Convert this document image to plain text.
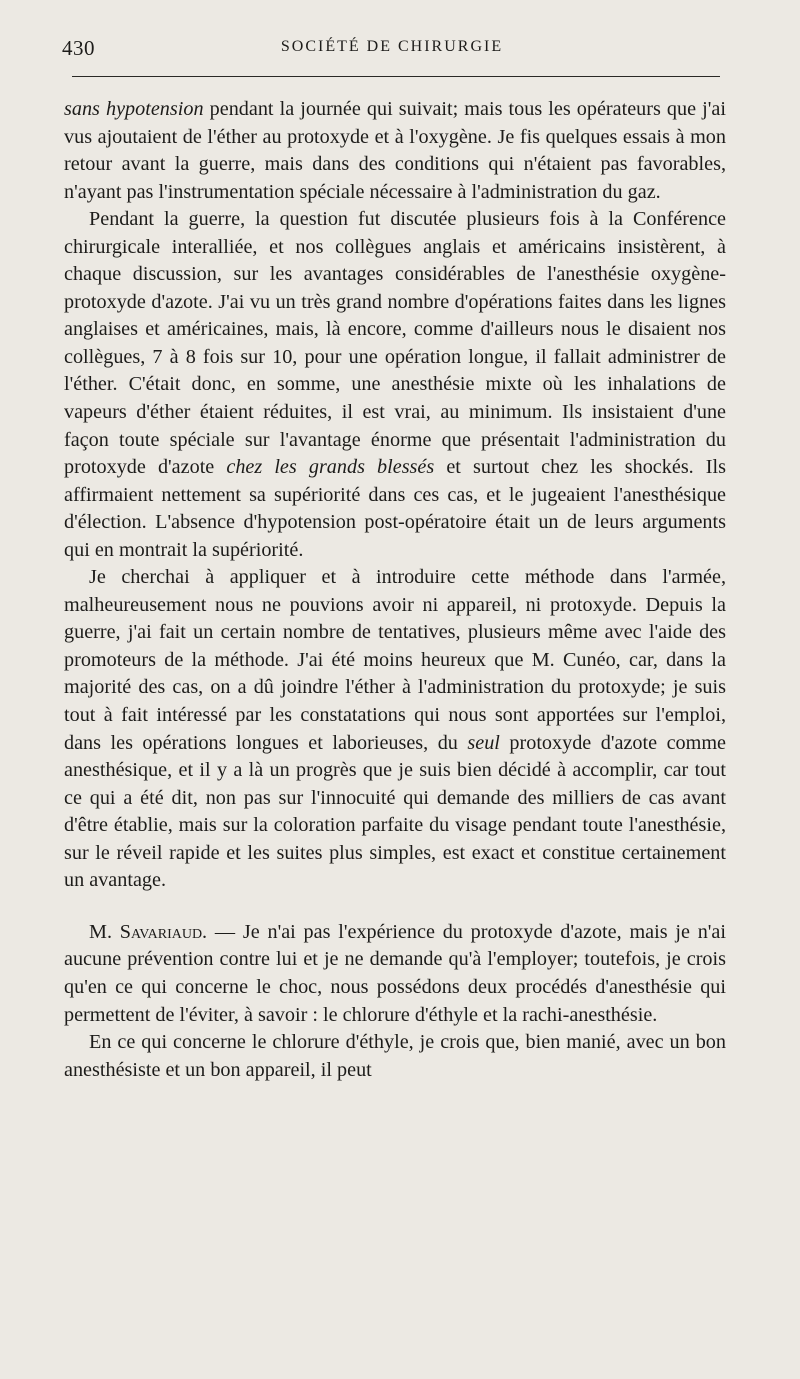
430	SOCIÉTÉ DE CHIRURGIE

sans hypotension pendant la journée qui suivait; mais tous les opérateurs que j'ai vus ajoutaient de l'éther au protoxyde et à l'oxygène. Je fis quelques essais à mon retour avant la guerre, mais dans des conditions qui n'étaient pas favorables, n'ayant pas l'instrumentation spéciale nécessaire à l'administration du gaz.

Pendant la guerre, la question fut discutée plusieurs fois à la Conférence chirurgicale interalliée, et nos collègues anglais et américains insistèrent, à chaque discussion, sur les avantages considérables de l'anesthésie oxygène-protoxyde d'azote. J'ai vu un très grand nombre d'opérations faites dans les lignes anglaises et américaines, mais, là encore, comme d'ailleurs nous le disaient nos collègues, 7 à 8 fois sur 10, pour une opération longue, il fallait administrer de l'éther. C'était donc, en somme, une anesthésie mixte où les inhalations de vapeurs d'éther étaient réduites, il est vrai, au minimum. Ils insistaient d'une façon toute spéciale sur l'avantage énorme que présentait l'administration du protoxyde d'azote chez les grands blessés et surtout chez les shockés. Ils affirmaient nettement sa supériorité dans ces cas, et le jugeaient l'anesthésique d'élection. L'absence d'hypotension post-opératoire était un de leurs arguments qui en montrait la supériorité.

Je cherchai à appliquer et à introduire cette méthode dans l'armée, malheureusement nous ne pouvions avoir ni appareil, ni protoxyde. Depuis la guerre, j'ai fait un certain nombre de tentatives, plusieurs même avec l'aide des promoteurs de la méthode. J'ai été moins heureux que M. Cunéo, car, dans la majorité des cas, on a dû joindre l'éther à l'administration du protoxyde; je suis tout à fait intéressé par les constatations qui nous sont apportées sur l'emploi, dans les opérations longues et laborieuses, du seul protoxyde d'azote comme anesthésique, et il y a là un progrès que je suis bien décidé à accomplir, car tout ce qui a été dit, non pas sur l'innocuité qui demande des milliers de cas avant d'être établie, mais sur la coloration parfaite du visage pendant toute l'anesthésie, sur le réveil rapide et les suites plus simples, est exact et constitue certainement un avantage.

M. Savariaud. — Je n'ai pas l'expérience du protoxyde d'azote, mais je n'ai aucune prévention contre lui et je ne demande qu'à l'employer; toutefois, je crois qu'en ce qui concerne le choc, nous possédons deux procédés d'anesthésie qui permettent de l'éviter, à savoir : le chlorure d'éthyle et la rachi-anesthésie.

En ce qui concerne le chlorure d'éthyle, je crois que, bien manié, avec un bon anesthésiste et un bon appareil, il peut
